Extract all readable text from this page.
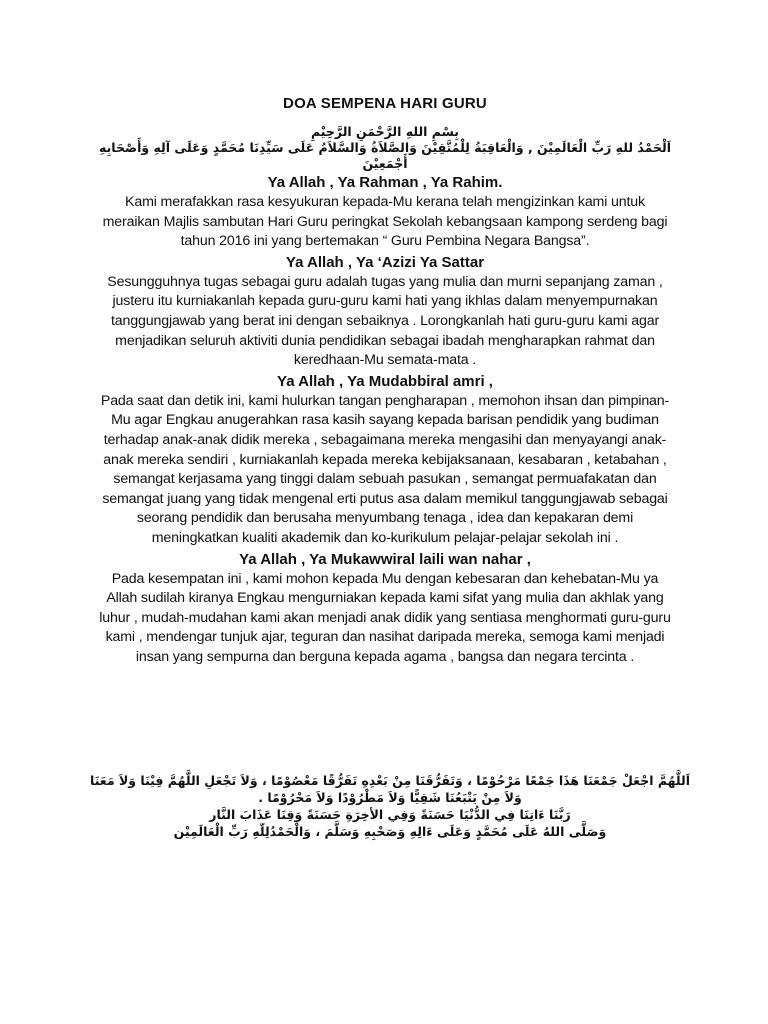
DOA SEMPENA HARI GURU
بِسْمِ اللهِ الرَّحْمَنِ الرَّحِيْمِ
اَلْحَمْدُ للهِ رَبِّ الْعَالَمِيْنَ , وَالْعَاقِبَةُ لِلْمُتَّقِيْنَ وَالصَّلاَةُ وَالسَّلاَمُ عَلَى سَيِّدِنَا مُحَمَّدٍ وَعَلَى آلِهِ وَأَصْحَابِهِ أَجْمَعِيْنَ
Ya Allah , Ya Rahman , Ya Rahim.
Kami merafakkan rasa kesyukuran kepada-Mu kerana telah mengizinkan kami untuk meraikan Majlis sambutan Hari Guru peringkat Sekolah kebangsaan kampong serdeng bagi tahun 2016 ini yang bertemakan “ Guru Pembina Negara Bangsa”.
Ya Allah , Ya ‘Azizi Ya Sattar
Sesungguhnya tugas sebagai guru adalah tugas yang mulia dan murni sepanjang zaman , justeru itu kurniakanlah kepada guru-guru kami hati yang ikhlas dalam menyempurnakan tanggungjawab yang berat ini dengan sebaiknya . Lorongkanlah hati guru-guru kami agar menjadikan seluruh aktiviti dunia pendidikan sebagai ibadah mengharapkan rahmat dan keredhaan-Mu semata-mata .
Ya Allah , Ya Mudabbiral amri ,
Pada saat dan detik ini, kami hulurkan tangan pengharapan , memohon ihsan dan pimpinan-Mu agar Engkau anugerahkan rasa kasih sayang kepada barisan pendidik yang budiman terhadap anak-anak didik mereka , sebagaimana mereka mengasihi dan menyayangi anak- anak mereka sendiri , kurniakanlah kepada mereka kebijaksanaan, kesabaran , ketabahan , semangat kerjasama yang tinggi dalam sebuah pasukan , semangat permuafakatan dan semangat juang yang tidak mengenal erti putus asa dalam memikul tanggungjawab sebagai seorang pendidik dan berusaha menyumbang tenaga , idea dan kepakaran demi meningkatkan kualiti akademik dan ko-kurikulum pelajar-pelajar sekolah ini .
Ya Allah , Ya Mukawwiral laili wan nahar ,
Pada kesempatan ini , kami mohon kepada Mu dengan kebesaran dan kehebatan-Mu ya Allah sudilah kiranya Engkau mengurniakan kepada kami sifat yang mulia dan akhlak yang luhur , mudah-mudahan kami akan menjadi anak didik yang sentiasa menghormati guru-guru kami , mendengar tunjuk ajar, teguran dan nasihat daripada mereka, semoga kami menjadi insan yang sempurna dan berguna kepada agama , bangsa dan negara tercinta .
اَللَّهُمَّ اجْعَلْ جَمْعَنَا هَذَا جَمْعًا مَرْحُوْمًا ، وَتَفَرُّقَنَا مِنْ بَعْدِهِ تَفَرُّقًا مَعْصُوْمًا ، وَلاَ تَجْعَلِ اللَّهُمَّ فِيْنَا وَلاَ مَعَنَا وَلاَ مِنْ يَتْبَعُنَا شَقِيًّا وَلاَ مَطْرُوْدًا وَلاَ مَحْرُوْمًا .
رَبَّنَا ءَاتِنَا فِي الدُّنْيَا حَسَنَةً وَفِي الأخِرَةِ حَسَنَةً وَقِنَا عَذَابَ النَّار
وَصَلَّى اللهُ عَلَى مُحَمَّدٍ وَعَلَى ءَالِهِ وَصَحْبِهِ وَسَلَّمَ ، وَالْحَمْدُلِلّهِ رَبِّ الْعَالَمِيْن
